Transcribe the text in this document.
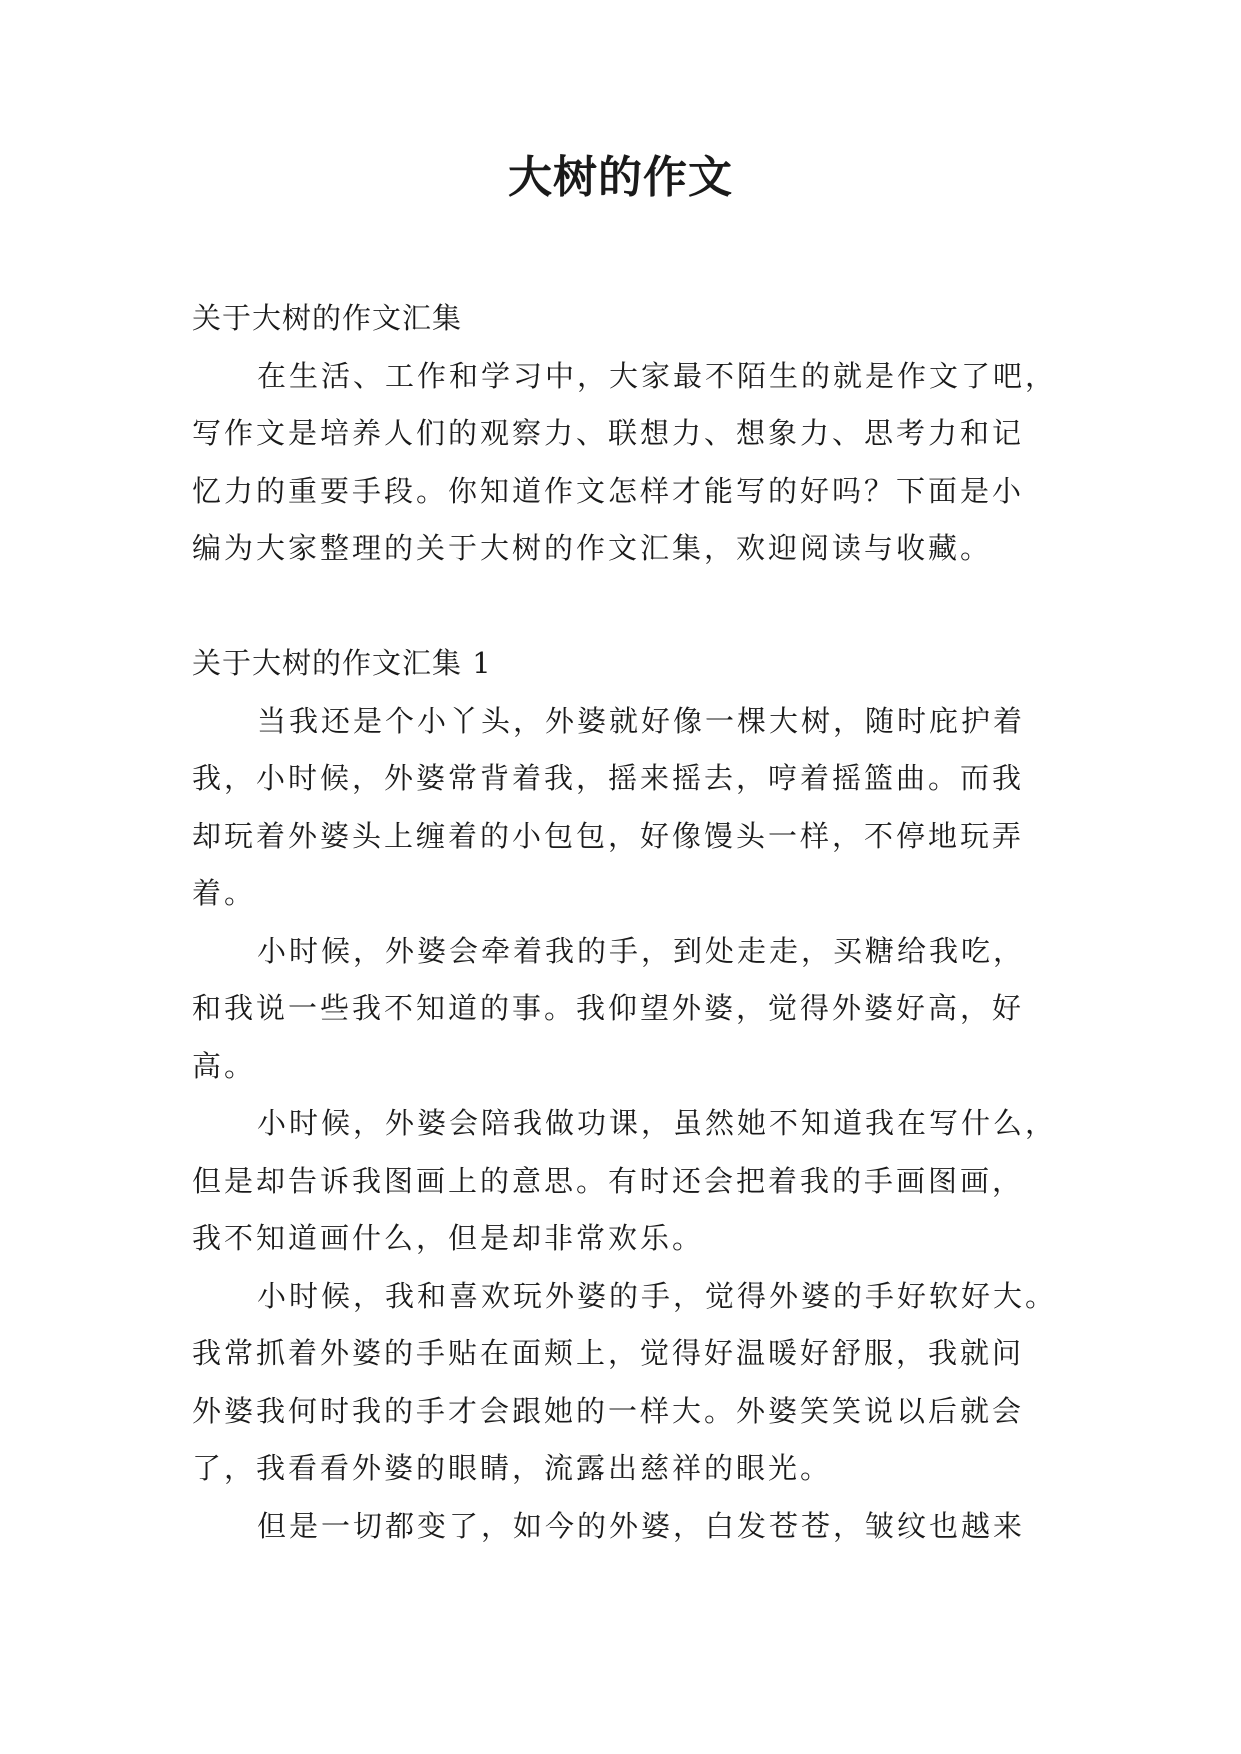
大树的作文
关于大树的作文汇集
在生活、工作和学习中，大家最不陌生的就是作文了吧，
写作文是培养人们的观察力、联想力、想象力、思考力和记
忆力的重要手段。你知道作文怎样才能写的好吗？下面是小
编为大家整理的关于大树的作文汇集，欢迎阅读与收藏。
关于大树的作文汇集 1
当我还是个小丫头，外婆就好像一棵大树，随时庇护着
我，小时候，外婆常背着我，摇来摇去，哼着摇篮曲。而我
却玩着外婆头上缠着的小包包，好像馒头一样，不停地玩弄
着。
小时候，外婆会牵着我的手，到处走走，买糖给我吃，
和我说一些我不知道的事。我仰望外婆，觉得外婆好高，好
高。
小时候，外婆会陪我做功课，虽然她不知道我在写什么，
但是却告诉我图画上的意思。有时还会把着我的手画图画，
我不知道画什么，但是却非常欢乐。
小时候，我和喜欢玩外婆的手，觉得外婆的手好软好大。
我常抓着外婆的手贴在面颊上，觉得好温暖好舒服，我就问
外婆我何时我的手才会跟她的一样大。外婆笑笑说以后就会
了，我看看外婆的眼睛，流露出慈祥的眼光。
但是一切都变了，如今的外婆，白发苍苍，皱纹也越来
